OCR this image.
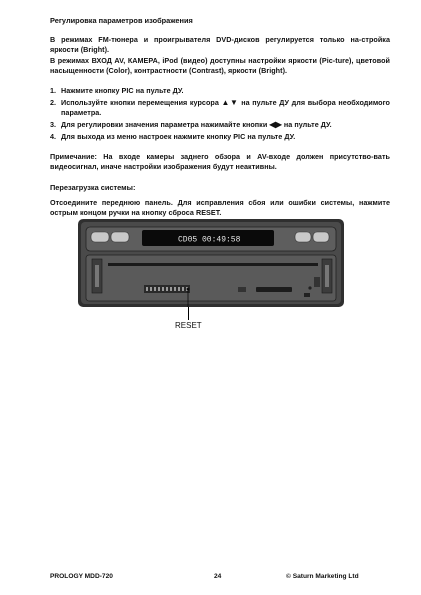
Регулировка параметров изображения
В режимах FM-тюнера и проигрывателя DVD-дисков регулируется только на-стройка яркости (Bright).
В режимах ВХОД AV, КАМЕРА, iPod (видео) доступны настройки яркости (Pic-ture), цветовой насыщенности (Color), контрастности (Contrast), яркости (Bright).
1. Нажмите кнопку PIC на пульте ДУ.
2. Используйте кнопки перемещения курсора ▲▼ на пульте ДУ для выбора необходимого параметра.
3. Для регулировки значения параметра нажимайте кнопки ◀▶ на пульте ДУ.
4. Для выхода из меню настроек нажмите кнопку PIC на пульте ДУ.
Примечание: На входе камеры заднего обзора и AV-входе должен присутство-вать видеосигнал, иначе настройки изображения будут неактивны.
Перезагрузка системы:
Отсоедините переднюю панель. Для исправления сбоя или ошибки системы, нажмите острым концом ручки на кнопку сброса RESET.
CD05 00:49:58
RESET
PROLOGY MDD-720	24	© Saturn Marketing Ltd
